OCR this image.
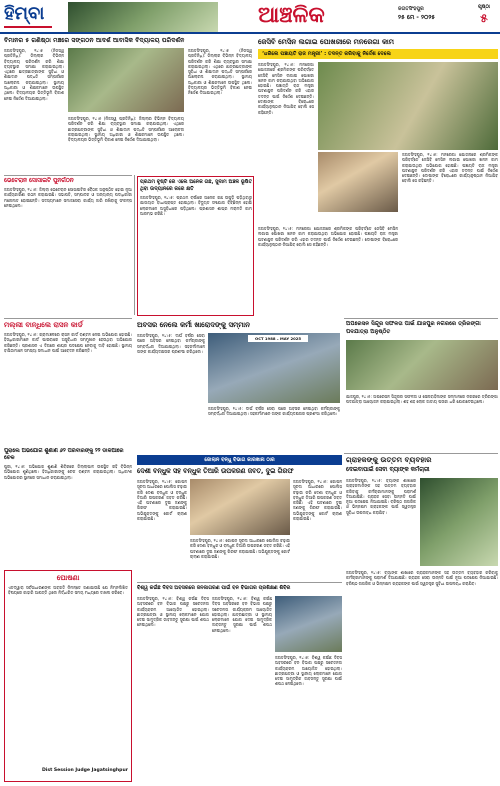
ହିମ୍ବା	ଆଞ୍ଚଳିକ	ଜଗତସିଂହପୁର
୨୫ ମେ - ୨୦୨୫
ପୃଷ୍ଠା
୫
ବିମାନର ୫ ଗଣିଷ୍ଠା ମଞ୍ଚରେ ସଙ୍ଗଠନ ଆଦର୍ଶ ଆବାସିକ ବିଦ୍ୟାଳୟ ପରିଦର୍ଶନ
ଜଗତସିଂହପୁର, ୨୪।୫ (ନିଜସ୍ୱ ପ୍ରତିନିଧି): ଜିଲ୍ଲାର ବିଭିନ୍ନ ବିଦ୍ୟାଳୟ ପରିଦର୍ଶନ କରି ଶିକ୍ଷା ବ୍ୟବସ୍ଥାର ସମୀକ୍ଷା କରାଯାଇଥିଲା। ଏଥିରେ ଛାତ୍ରଛାତ୍ରୀଙ୍କ ସୁବିଧା ଓ ଶିକ୍ଷାଦାନ ପଦ୍ଧତି ସମ୍ପର୍କରେ ଆଲୋଚନା କରାଯାଇଥିଲା। ସ୍ଥାନୀୟ ଅଧିକାରୀ ଓ ଶିକ୍ଷକମାନେ ଉପସ୍ଥିତ ଥିଲେ। ବିଦ୍ୟାଳୟର ଭିତ୍ତିଭୂମି ବିକାଶ ନେଇ ନିର୍ଦ୍ଦେଶ ଦିଆଯାଇଥିଲା।
ଜଗତସିଂହପୁର, ୨୪।୫ (ନିଜସ୍ୱ ପ୍ରତିନିଧି): ଜିଲ୍ଲାର ବିଭିନ୍ନ ବିଦ୍ୟାଳୟ ପରିଦର୍ଶନ କରି ଶିକ୍ଷା ବ୍ୟବସ୍ଥାର ସମୀକ୍ଷା କରାଯାଇଥିଲା। ଏଥିରେ ଛାତ୍ରଛାତ୍ରୀଙ୍କ ସୁବିଧା ଓ ଶିକ୍ଷାଦାନ ପଦ୍ଧତି ସମ୍ପର୍କରେ ଆଲୋଚନା କରାଯାଇଥିଲା। ସ୍ଥାନୀୟ ଅଧିକାରୀ ଓ ଶିକ୍ଷକମାନେ ଉପସ୍ଥିତ ଥିଲେ। ବିଦ୍ୟାଳୟର ଭିତ୍ତିଭୂମି ବିକାଶ ନେଇ ନିର୍ଦ୍ଦେଶ ଦିଆଯାଇଥିଲା।
ଜଗତସିଂହପୁର, ୨୪।୫ (ନିଜସ୍ୱ ପ୍ରତିନିଧି): ଜିଲ୍ଲାର ବିଭିନ୍ନ ବିଦ୍ୟାଳୟ ପରିଦର୍ଶନ କରି ଶିକ୍ଷା ବ୍ୟବସ୍ଥାର ସମୀକ୍ଷା କରାଯାଇଥିଲା। ଏଥିରେ ଛାତ୍ରଛାତ୍ରୀଙ୍କ ସୁବିଧା ଓ ଶିକ୍ଷାଦାନ ପଦ୍ଧତି ସମ୍ପର୍କରେ ଆଲୋଚନା କରାଯାଇଥିଲା। ସ୍ଥାନୀୟ ଅଧିକାରୀ ଓ ଶିକ୍ଷକମାନେ ଉପସ୍ଥିତ ଥିଲେ। ବିଦ୍ୟାଳୟର ଭିତ୍ତିଭୂମି ବିକାଶ ନେଇ ନିର୍ଦ୍ଦେଶ ଦିଆଯାଇଥିଲା।
ଭେଟେରାନ ସୋସାଇଟି ପୁନର୍ଗଠନ
ଜଗତସିଂହପୁର, ୨୪।୫: ଜିଲ୍ଲା ଭେଟେରାନ ସୋସାଇଟିର ବୈଠକ ଅନୁଷ୍ଠିତ ହୋଇ ନୂଆ କାର୍ଯ୍ୟକାରିଣୀ ଗଠନ କରାଯାଇଛି। ସଭାପତି, ସମ୍ପାଦକ ଓ ଅନ୍ୟାନ୍ୟ ପଦାଧିକାରୀ ମନୋନୀତ ହୋଇଛନ୍ତି। ସଦସ୍ୟମାନେ ସମାଜସେବା କାର୍ଯ୍ୟ ଜାରି ରଖିବାକୁ ସଂକଳ୍ପ ନେଇଥିଲେ।
ପ୍ରଥମ ବୃଷ୍ଟି ରେ ଏଲେ ଅନେକ ଗଛ, ସୁଦାମ ଅଞ୍ଚଳ ଭୂଷିତ ଥିବା ଉଦ୍ୟାନରେ କରେ କ୍ଷତି
ଜଗତସିଂହପୁର, ୨୪।୫: ପ୍ରଥମ ବର୍ଷାରେ ଅନେକ ଗଛ ଉପୁଡ଼ି ପଡ଼ିଥିବାରୁ ଯାତାୟାତ ବାଧାପ୍ରାପ୍ତ ହୋଇଥିଲା। ବିଦ୍ୟୁତ ସଂଯୋଗ ବିଚ୍ଛିନ୍ନ ହୋଇ ଲୋକମାନେ ଅସୁବିଧାରେ ପଡ଼ିଥିଲେ। ପ୍ରଶାସନ ଶୀଘ୍ର ମରାମତି କାମ ଆରମ୍ଭ କରିଛି।
ମଲ୍ଲୀ ବାନ୍ଧିଲେ ରାସନ କାର୍ଡ
ଜଗତସିଂହପୁର, ୨୪।୫: ଗ୍ରାମାଞ୍ଚଳରେ ରାସନ କାର୍ଡ ବଣ୍ଟନ ନେଇ ଅଭିଯୋଗ ହୋଇଛି। ହିତାଧିକାରୀମାନେ କାର୍ଡ ପାଇବାରେ ଅସୁବିଧାର ସମ୍ମୁଖୀନ ହେଉଥିବା ଅଭିଯୋଗ କରିଛନ୍ତି। ପ୍ରଶାସନ ଏ ଦିଗରେ ଶୀଘ୍ର ପଦକ୍ଷେପ ନେବାକୁ ଦାବି ହୋଇଛି। ସ୍ଥାନୀୟ ବାସିନ୍ଦାମାନେ ସମସ୍ୟା ସମାଧାନ ପାଇଁ ଆବେଦନ କରିଛନ୍ତି।
ପୁରାଲେ ଅଭିଯୋଗ ଶୁଣାଣି ୬୨ ପରିବାରଙ୍କୁ ୨୨ ଡାକିଆରେ ଚେକ
ପୁରୀ, ୨୪।୫: ଅଭିଯୋଗ ଶୁଣାଣି ଶିବିରରେ ଜିଲ୍ଲାପାଳ ଉପସ୍ଥିତ ରହି ବିଭିନ୍ନ ଅଭିଯୋଗ ଶୁଣିଥିଲେ। ହିତାଧିକାରୀଙ୍କୁ ଚେକ ବଣ୍ଟନ କରାଯାଇଥିଲା। ଅଧିକାଂଶ ଅଭିଯୋଗର ସ୍ଥାନରେ ସମାଧାନ କରାଯାଇଥିଲା।
ଘୋଷଣା
ଏତଦ୍ୱାରା ସର୍ବସାଧାରଣଙ୍କ ଅବଗତି ନିମନ୍ତେ ଜଣାଯାଉଛି ଯେ ନିମ୍ନଲିଖିତ ବିଷୟରେ କାହାରି ଆପତ୍ତି ଥିଲେ ନିର୍ଦ୍ଧାରିତ ସମୟ ମଧ୍ୟରେ ଦାଖଲ କରିବେ।
Dist Session Judge Jagatsinghpur
ଅବସର ନେଲେ କର୍ମୀ ଖାରୋଦଙ୍କୁ ସମ୍ମାନ
ଜଗତସିଂହପୁର, ୨୪।୫: ଦୀର୍ଘ ବର୍ଷର ସେବା ପରେ ଅବସର ନେଇଥିବା କର୍ମଚାରୀଙ୍କୁ ସମ୍ବର୍ଦ୍ଧନା ଦିଆଯାଇଥିଲା। ସହକର୍ମୀମାନେ ତାଙ୍କ କାର୍ଯ୍ୟଦକ୍ଷତାର ପ୍ରଶଂସା କରିଥିଲେ।
OCT 1988 – MAY 2025
ଜଗତସିଂହପୁର, ୨୪।୫: ଦୀର୍ଘ ବର୍ଷର ସେବା ପରେ ଅବସର ନେଇଥିବା କର୍ମଚାରୀଙ୍କୁ ସମ୍ବର୍ଦ୍ଧନା ଦିଆଯାଇଥିଲା। ସହକର୍ମୀମାନେ ତାଙ୍କ କାର୍ଯ୍ୟଦକ୍ଷତାର ପ୍ରଶଂସା କରିଥିଲେ।
ଜେସିବି ମେସିନ ଲଗାଇ ପୋଖରୀରେ ମନରେଗା କାମ
‘ଧରିଲେ ପଞ୍ଚାୟତି ରାଜ ମନ୍ତ୍ରୀ’ : ତଦନ୍ତ କରିବାକୁ ନିର୍ଦ୍ଦେଶ ଦେଲେ
ଜଗତସିଂହପୁର, ୨୪।୫: ମନରେଗା ଯୋଜନାରେ ଶ୍ରମିକଙ୍କ ପରିବର୍ତ୍ତେ ଜେସିବି ମେସିନ ଲଗାଇ ପୋଖରୀ ଖନନ କାମ କରାଯାଉଥିବା ଅଭିଯୋଗ ହୋଇଛି। ପଞ୍ଚାୟତି ରାଜ ମନ୍ତ୍ରୀ ଘଟଣାସ୍ଥଳ ପରିଦର୍ଶନ କରି ଏହାର ତଦନ୍ତ ପାଇଁ ନିର୍ଦ୍ଦେଶ ଦେଇଛନ୍ତି। ଦୋଷୀଙ୍କ ବିରୋଧରେ କାର୍ଯ୍ୟାନୁଷ୍ଠାନ ନିଆଯିବ ବୋଲି ସେ କହିଛନ୍ତି।
ଜଗତସିଂହପୁର, ୨୪।୫: ମନରେଗା ଯୋଜନାରେ ଶ୍ରମିକଙ୍କ ପରିବର୍ତ୍ତେ ଜେସିବି ମେସିନ ଲଗାଇ ପୋଖରୀ ଖନନ କାମ କରାଯାଉଥିବା ଅଭିଯୋଗ ହୋଇଛି। ପଞ୍ଚାୟତି ରାଜ ମନ୍ତ୍ରୀ ଘଟଣାସ୍ଥଳ ପରିଦର୍ଶନ କରି ଏହାର ତଦନ୍ତ ପାଇଁ ନିର୍ଦ୍ଦେଶ ଦେଇଛନ୍ତି। ଦୋଷୀଙ୍କ ବିରୋଧରେ କାର୍ଯ୍ୟାନୁଷ୍ଠାନ ନିଆଯିବ ବୋଲି ସେ କହିଛନ୍ତି।
ଜଗତସିଂହପୁର, ୨୪।୫: ମନରେଗା ଯୋଜନାରେ ଶ୍ରମିକଙ୍କ ପରିବର୍ତ୍ତେ ଜେସିବି ମେସିନ ଲଗାଇ ପୋଖରୀ ଖନନ କାମ କରାଯାଉଥିବା ଅଭିଯୋଗ ହୋଇଛି। ପଞ୍ଚାୟତି ରାଜ ମନ୍ତ୍ରୀ ଘଟଣାସ୍ଥଳ ପରିଦର୍ଶନ କରି ଏହାର ତଦନ୍ତ ପାଇଁ ନିର୍ଦ୍ଦେଶ ଦେଇଛନ୍ତି। ଦୋଷୀଙ୍କ ବିରୋଧରେ କାର୍ଯ୍ୟାନୁଷ୍ଠାନ ନିଆଯିବ ବୋଲି ସେ କହିଛନ୍ତି।
ଅପରେସନ ସିନ୍ଦୂର ସଫଳତା ପାଇଁ ଯାଜପୁର ନଗରରେ ତ୍ରିରଙ୍ଗା ପଦଯାତ୍ରା ଅନୁଷ୍ଠିତ
ଯାଜପୁର, ୨୪।୫: ଅପରେସନ ସିନ୍ଦୂରର ସଫଳତା ଓ ସେନାବାହିନୀଙ୍କ ସମ୍ମାନରେ ନଗରରେ ତ୍ରିରଙ୍ଗା ପଦଯାତ୍ରା ଆୟୋଜନ କରାଯାଇଥିଲା। ଶହ ଶହ ଲୋକ ଜାତୀୟ ପତାକା ଧରି ଯୋଗଦେଇଥିଲେ।
ଜୋଲାନ ବନ୍ଧୁ ବିଭାଗ କାରଖାନା ଠାର
ଦେଶୀ ବନ୍ଧୁକ ସହ ବନ୍ଧୁକ ତିଆରି ଉପକରଣ ଜବତ, ଦୁଇ ଗିରଫ
ଜଗତସିଂହପୁର, ୨୪।୫: ଗୋପନ ସୂଚନା ଆଧାରରେ ପୋଲିସ ଚଢ଼ାଉ କରି ଦେଶୀ ବନ୍ଧୁକ ଓ ବନ୍ଧୁକ ତିଆରି ଉପକରଣ ଜବତ କରିଛି। ଏହି ଘଟଣାରେ ଦୁଇ ଜଣଙ୍କୁ ଗିରଫ କରାଯାଇଛି। ଅଭିଯୁକ୍ତଙ୍କୁ କୋର୍ଟ ଚାଲାଣ କରାଯାଇଛି।
ଜଗତସିଂହପୁର, ୨୪।୫: ଗୋପନ ସୂଚନା ଆଧାରରେ ପୋଲିସ ଚଢ଼ାଉ କରି ଦେଶୀ ବନ୍ଧୁକ ଓ ବନ୍ଧୁକ ତିଆରି ଉପକରଣ ଜବତ କରିଛି। ଏହି ଘଟଣାରେ ଦୁଇ ଜଣଙ୍କୁ ଗିରଫ କରାଯାଇଛି। ଅଭିଯୁକ୍ତଙ୍କୁ କୋର୍ଟ ଚାଲାଣ କରାଯାଇଛି।
ଜଗତସିଂହପୁର, ୨୪।୫: ଗୋପନ ସୂଚନା ଆଧାରରେ ପୋଲିସ ଚଢ଼ାଉ କରି ଦେଶୀ ବନ୍ଧୁକ ଓ ବନ୍ଧୁକ ତିଆରି ଉପକରଣ ଜବତ କରିଛି। ଏହି ଘଟଣାରେ ଦୁଇ ଜଣଙ୍କୁ ଗିରଫ କରାଯାଇଛି। ଅଭିଯୁକ୍ତଙ୍କୁ କୋର୍ଟ ଚାଲାଣ କରାଯାଇଛି।
ବିଶ୍ୱ କଇଁଛ ଦିବସ ଅବସରରେ ଜନଜାଗରଣ ପାଇଁ ବନ ବିଭାଗର ପ୍ରଶିକ୍ଷଣ ଶିବିର
ଜଗତସିଂହପୁର, ୨୪।୫: ବିଶ୍ୱ କଇଁଛ ଦିବସ ଅବସରରେ ବନ ବିଭାଗ ପକ୍ଷରୁ ସଚେତନତା କାର୍ଯ୍ୟକ୍ରମ ଆୟୋଜିତ ହୋଇଥିଲା। ଛାତ୍ରଛାତ୍ରୀ ଓ ସ୍ଥାନୀୟ ଲୋକମାନେ ଯୋଗ ଦେଇ ସାମୁଦ୍ରିକ ଜୀବଜନ୍ତୁ ସୁରକ୍ଷା ପାଇଁ ଶପଥ ନେଇଥିଲେ।
ଜଗତସିଂହପୁର, ୨୪।୫: ବିଶ୍ୱ କଇଁଛ ଦିବସ ଅବସରରେ ବନ ବିଭାଗ ପକ୍ଷରୁ ସଚେତନତା କାର୍ଯ୍ୟକ୍ରମ ଆୟୋଜିତ ହୋଇଥିଲା। ଛାତ୍ରଛାତ୍ରୀ ଓ ସ୍ଥାନୀୟ ଲୋକମାନେ ଯୋଗ ଦେଇ ସାମୁଦ୍ରିକ ଜୀବଜନ୍ତୁ ସୁରକ୍ଷା ପାଇଁ ଶପଥ ନେଇଥିଲେ।
ଜଗତସିଂହପୁର, ୨୪।୫: ବିଶ୍ୱ କଇଁଛ ଦିବସ ଅବସରରେ ବନ ବିଭାଗ ପକ୍ଷରୁ ସଚେତନତା କାର୍ଯ୍ୟକ୍ରମ ଆୟୋଜିତ ହୋଇଥିଲା। ଛାତ୍ରଛାତ୍ରୀ ଓ ସ୍ଥାନୀୟ ଲୋକମାନେ ଯୋଗ ଦେଇ ସାମୁଦ୍ରିକ ଜୀବଜନ୍ତୁ ସୁରକ୍ଷା ପାଇଁ ଶପଥ ନେଇଥିଲେ।
ଗ୍ରାହକଙ୍କୁ ଉତ୍ତମ ବ୍ୟବହାର
ଦେଇବାପାଇଁ ସେବା ବ୍ୟାଙ୍କ କର୍ମଚାରୀ
ଜଗତସିଂହପୁର, ୨୪।୫: ବ୍ୟାଙ୍କ ଶାଖାରେ ଗ୍ରାହକମାନଙ୍କ ସହ ଉତ୍ତମ ବ୍ୟବହାର କରିବାକୁ କର୍ମଚାରୀମାନଙ୍କୁ ପରାମର୍ଶ ଦିଆଯାଇଛି। ଗ୍ରାହକ ସେବା ଉନ୍ନତି ପାଇଁ ନୂଆ ପଦକ୍ଷେପ ନିଆଯାଇଛି। ବରିଷ୍ଠ ନାଗରିକ ଓ ଭିନ୍ନକ୍ଷମ ଗ୍ରାହକଙ୍କ ପାଇଁ ସ୍ୱତନ୍ତ୍ର ସୁବିଧା ଉପଲବ୍ଧ କରାଯିବ।
ଜଗତସିଂହପୁର, ୨୪।୫: ବ୍ୟାଙ୍କ ଶାଖାରେ ଗ୍ରାହକମାନଙ୍କ ସହ ଉତ୍ତମ ବ୍ୟବହାର କରିବାକୁ କର୍ମଚାରୀମାନଙ୍କୁ ପରାମର୍ଶ ଦିଆଯାଇଛି। ଗ୍ରାହକ ସେବା ଉନ୍ନତି ପାଇଁ ନୂଆ ପଦକ୍ଷେପ ନିଆଯାଇଛି। ବରିଷ୍ଠ ନାଗରିକ ଓ ଭିନ୍ନକ୍ଷମ ଗ୍ରାହକଙ୍କ ପାଇଁ ସ୍ୱତନ୍ତ୍ର ସୁବିଧା ଉପଲବ୍ଧ କରାଯିବ।
